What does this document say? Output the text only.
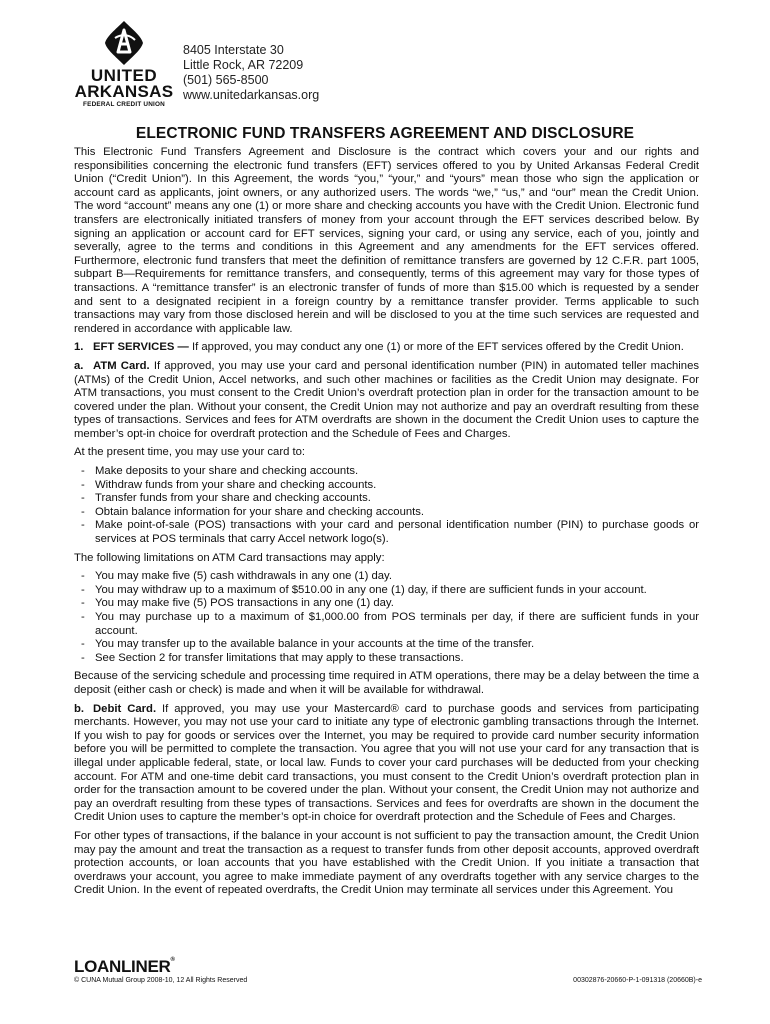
UNITED
ARKANSAS
FEDERAL CREDIT UNION
8405 Interstate 30
Little Rock, AR 72209
(501) 565-8500
www.unitedarkansas.org
ELECTRONIC FUND TRANSFERS AGREEMENT AND DISCLOSURE

This Electronic Fund Transfers Agreement and Disclosure is the contract which covers your and our rights and responsibilities concerning the electronic fund transfers (EFT) services offered to you by United Arkansas Federal Credit Union (“Credit Union”). In this Agreement, the words “you,” “your,” and “yours” mean those who sign the application or account card as applicants, joint owners, or any authorized users. The words “we,” “us,” and “our” mean the Credit Union. The word “account” means any one (1) or more share and checking accounts you have with the Credit Union. Electronic fund transfers are electronically initiated transfers of money from your account through the EFT services described below. By signing an application or account card for EFT services, signing your card, or using any service, each of you, jointly and severally, agree to the terms and conditions in this Agreement and any amendments for the EFT services offered. Furthermore, electronic fund transfers that meet the definition of remittance transfers are governed by 12 C.F.R. part 1005, subpart B—Requirements for remittance transfers, and consequently, terms of this agreement may vary for those types of transactions. A “remittance transfer” is an electronic transfer of funds of more than $15.00 which is requested by a sender and sent to a designated recipient in a foreign country by a remittance transfer provider. Terms applicable to such transactions may vary from those disclosed herein and will be disclosed to you at the time such services are requested and rendered in accordance with applicable law.

1. EFT SERVICES — If approved, you may conduct any one (1) or more of the EFT services offered by the Credit Union.

a. ATM Card. If approved, you may use your card and personal identification number (PIN) in automated teller machines (ATMs) of the Credit Union, Accel networks, and such other machines or facilities as the Credit Union may designate. For ATM transactions, you must consent to the Credit Union’s overdraft protection plan in order for the transaction amount to be covered under the plan. Without your consent, the Credit Union may not authorize and pay an overdraft resulting from these types of transactions. Services and fees for ATM overdrafts are shown in the document the Credit Union uses to capture the member’s opt-in choice for overdraft protection and the Schedule of Fees and Charges.

At the present time, you may use your card to:

- Make deposits to your share and checking accounts.
- Withdraw funds from your share and checking accounts.
- Transfer funds from your share and checking accounts.
- Obtain balance information for your share and checking accounts.
- Make point-of-sale (POS) transactions with your card and personal identification number (PIN) to purchase goods or services at POS terminals that carry Accel network logo(s).

The following limitations on ATM Card transactions may apply:

- You may make five (5) cash withdrawals in any one (1) day.
- You may withdraw up to a maximum of $510.00 in any one (1) day, if there are sufficient funds in your account.
- You may make five (5) POS transactions in any one (1) day.
- You may purchase up to a maximum of $1,000.00 from POS terminals per day, if there are sufficient funds in your account.
- You may transfer up to the available balance in your accounts at the time of the transfer.
- See Section 2 for transfer limitations that may apply to these transactions.

Because of the servicing schedule and processing time required in ATM operations, there may be a delay between the time a deposit (either cash or check) is made and when it will be available for withdrawal.

b. Debit Card. If approved, you may use your Mastercard® card to purchase goods and services from participating merchants. However, you may not use your card to initiate any type of electronic gambling transactions through the Internet. If you wish to pay for goods or services over the Internet, you may be required to provide card number security information before you will be permitted to complete the transaction. You agree that you will not use your card for any transaction that is illegal under applicable federal, state, or local law. Funds to cover your card purchases will be deducted from your checking account. For ATM and one-time debit card transactions, you must consent to the Credit Union’s overdraft protection plan in order for the transaction amount to be covered under the plan. Without your consent, the Credit Union may not authorize and pay an overdraft resulting from these types of transactions. Services and fees for overdrafts are shown in the document the Credit Union uses to capture the member’s opt-in choice for overdraft protection and the Schedule of Fees and Charges.

For other types of transactions, if the balance in your account is not sufficient to pay the transaction amount, the Credit Union may pay the amount and treat the transaction as a request to transfer funds from other deposit accounts, approved overdraft protection accounts, or loan accounts that you have established with the Credit Union. If you initiate a transaction that overdraws your account, you agree to make immediate payment of any overdrafts together with any service charges to the Credit Union. In the event of repeated overdrafts, the Credit Union may terminate all services under this Agreement. You

LOANLINER®
© CUNA Mutual Group 2008-10, 12 All Rights Reserved	00302876-20660-P-1-091318 (20660B)-e
